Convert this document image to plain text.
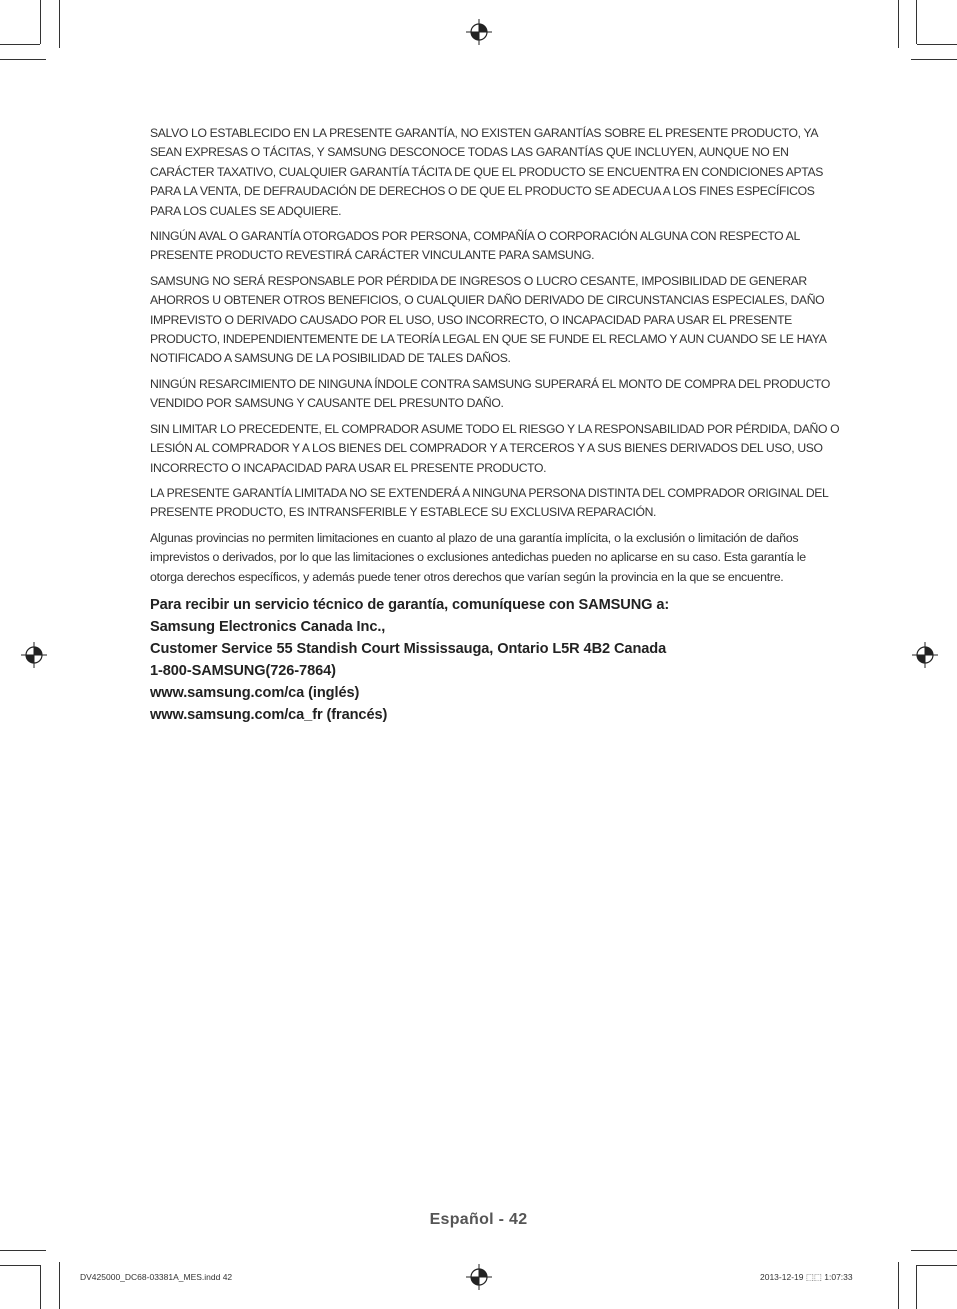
SALVO LO ESTABLECIDO EN LA PRESENTE GARANTÍA, NO EXISTEN GARANTÍAS SOBRE EL PRESENTE PRODUCTO, YA SEAN EXPRESAS O TÁCITAS, Y SAMSUNG DESCONOCE TODAS LAS GARANTÍAS QUE INCLUYEN, AUNQUE NO EN CARÁCTER TAXATIVO, CUALQUIER GARANTÍA TÁCITA DE QUE EL PRODUCTO SE ENCUENTRA EN CONDICIONES APTAS PARA LA VENTA, DE DEFRAUDACIÓN DE DERECHOS O DE QUE EL PRODUCTO SE ADECUA A LOS FINES ESPECÍFICOS PARA LOS CUALES SE ADQUIERE.

NINGÚN AVAL O GARANTÍA OTORGADOS POR PERSONA, COMPAÑÍA O CORPORACIÓN ALGUNA CON RESPECTO AL PRESENTE PRODUCTO REVESTIRÁ CARÁCTER VINCULANTE PARA SAMSUNG.

SAMSUNG NO SERÁ RESPONSABLE POR PÉRDIDA DE INGRESOS O LUCRO CESANTE, IMPOSIBILIDAD DE GENERAR AHORROS U OBTENER OTROS BENEFICIOS, O CUALQUIER DAÑO DERIVADO DE CIRCUNSTANCIAS ESPECIALES, DAÑO IMPREVISTO O DERIVADO CAUSADO POR EL USO, USO INCORRECTO, O INCAPACIDAD PARA USAR EL PRESENTE PRODUCTO, INDEPENDIENTEMENTE DE LA TEORÍA LEGAL EN QUE SE FUNDE EL RECLAMO Y AUN CUANDO SE LE HAYA NOTIFICADO A SAMSUNG DE LA POSIBILIDAD DE TALES DAÑOS.

NINGÚN RESARCIMIENTO DE NINGUNA ÍNDOLE CONTRA SAMSUNG SUPERARÁ EL MONTO DE COMPRA DEL PRODUCTO VENDIDO POR SAMSUNG Y CAUSANTE DEL PRESUNTO DAÑO.

SIN LIMITAR LO PRECEDENTE, EL COMPRADOR ASUME TODO EL RIESGO Y LA RESPONSABILIDAD POR PÉRDIDA, DAÑO O LESIÓN AL COMPRADOR Y A LOS BIENES DEL COMPRADOR Y A TERCEROS Y A SUS BIENES DERIVADOS DEL USO, USO INCORRECTO O INCAPACIDAD PARA USAR EL PRESENTE PRODUCTO.

LA PRESENTE GARANTÍA LIMITADA NO SE EXTENDERÁ A NINGUNA PERSONA DISTINTA DEL COMPRADOR ORIGINAL DEL PRESENTE PRODUCTO, ES INTRANSFERIBLE Y ESTABLECE SU EXCLUSIVA REPARACIÓN.

Algunas provincias no permiten limitaciones en cuanto al plazo de una garantía implícita, o la exclusión o limitación de daños imprevistos o derivados, por lo que las limitaciones o exclusiones antedichas pueden no aplicarse en su caso. Esta garantía le otorga derechos específicos, y además puede tener otros derechos que varían según la provincia en la que se encuentre.

Para recibir un servicio técnico de garantía, comuníquese con SAMSUNG a:

Samsung Electronics Canada Inc.,

Customer Service 55 Standish Court Mississauga, Ontario L5R 4B2 Canada

1-800-SAMSUNG(726-7864)

www.samsung.com/ca (inglés)

www.samsung.com/ca_fr (francés)

Español - 42
DV425000_DC68-03381A_MES.indd 42	2013-12-19 ⬚⬚ 1:07:33
